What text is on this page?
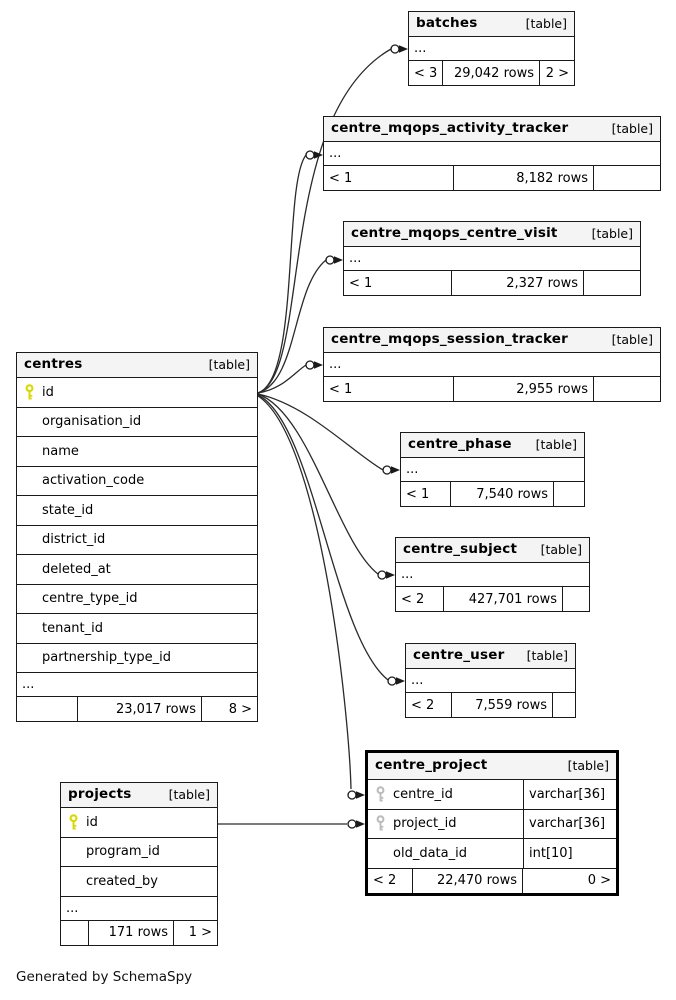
batches	[table]
...
< 3	29,042 rows 2 >
centre_mqops_activity_tracker	[table]
...
< 1	8,182 rows
centre_mqops_centre_visit	[table]
...
< 1	2,327 rows
centre_mqops_session_tracker	[table]
...
< 1	2,955 rows
centres	[table]
id
organisation_id
name
activation_code
state_id
district_id
deleted_at
centre_type_id
tenant_id
partnership_type_id
...
23,017 rows	8 >
centre_phase	[table]
...
< 1	7,540 rows
centre_subject	[table]
...
< 2	427,701 rows
centre_user	[table]
...
< 2	7,559 rows
centre_project	[table]
centre_id	varchar[36]
project_id	varchar[36]
old_data_id	int[10]
< 2	22,470 rows	0 >
projects	[table]
id
program_id
created_by
...
171 rows	1 >
Generated by SchemaSpy
